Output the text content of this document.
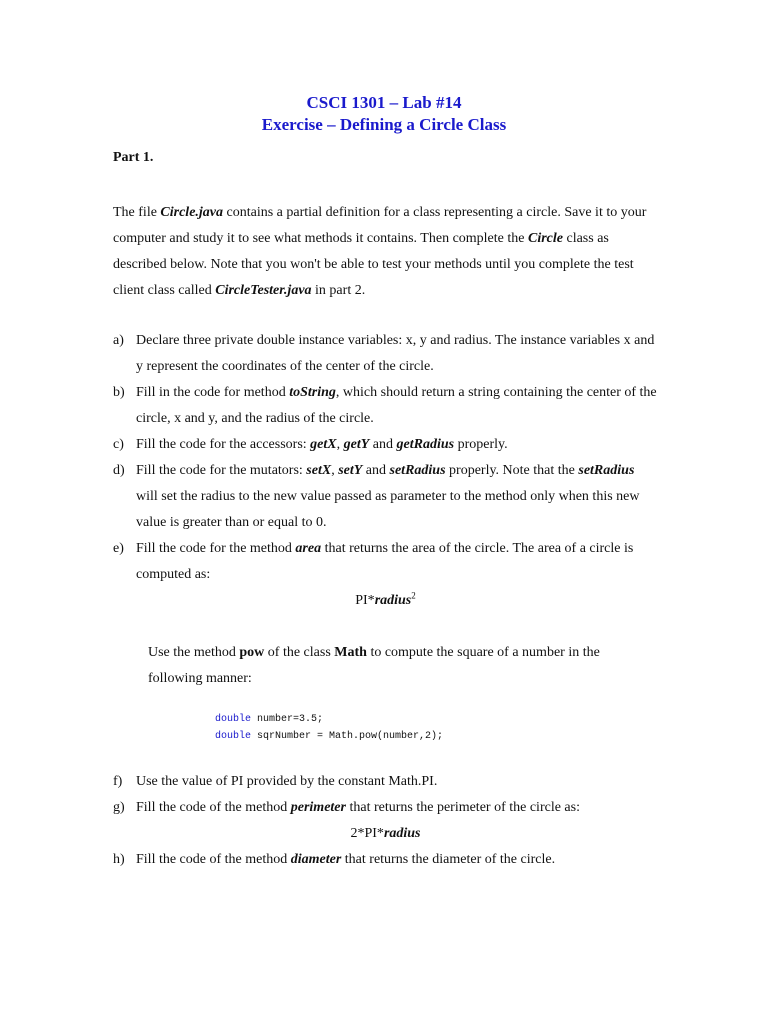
CSCI 1301 – Lab #14
Exercise – Defining a Circle Class
Part 1.
The file Circle.java contains a partial definition for a class representing a circle. Save it to your computer and study it to see what methods it contains. Then complete the Circle class as described below. Note that you won't be able to test your methods until you complete the test client class called CircleTester.java in part 2.
a) Declare three private double instance variables: x, y and radius. The instance variables x and y represent the coordinates of the center of the circle.
b) Fill in the code for method toString, which should return a string containing the center of the circle, x and y, and the radius of the circle.
c) Fill the code for the accessors: getX, getY and getRadius properly.
d) Fill the code for the mutators: setX, setY and setRadius properly. Note that the setRadius will set the radius to the new value passed as parameter to the method only when this new value is greater than or equal to 0.
e) Fill the code for the method area that returns the area of the circle. The area of a circle is computed as:
PI*radius$^2$
Use the method pow of the class Math to compute the square of a number in the following manner:
double number=3.5;
double sqrNumber = Math.pow(number,2);
f) Use the value of PI provided by the constant Math.PI.
g) Fill the code of the method perimeter that returns the perimeter of the circle as:
2*PI*radius
h) Fill the code of the method diameter that returns the diameter of the circle.
